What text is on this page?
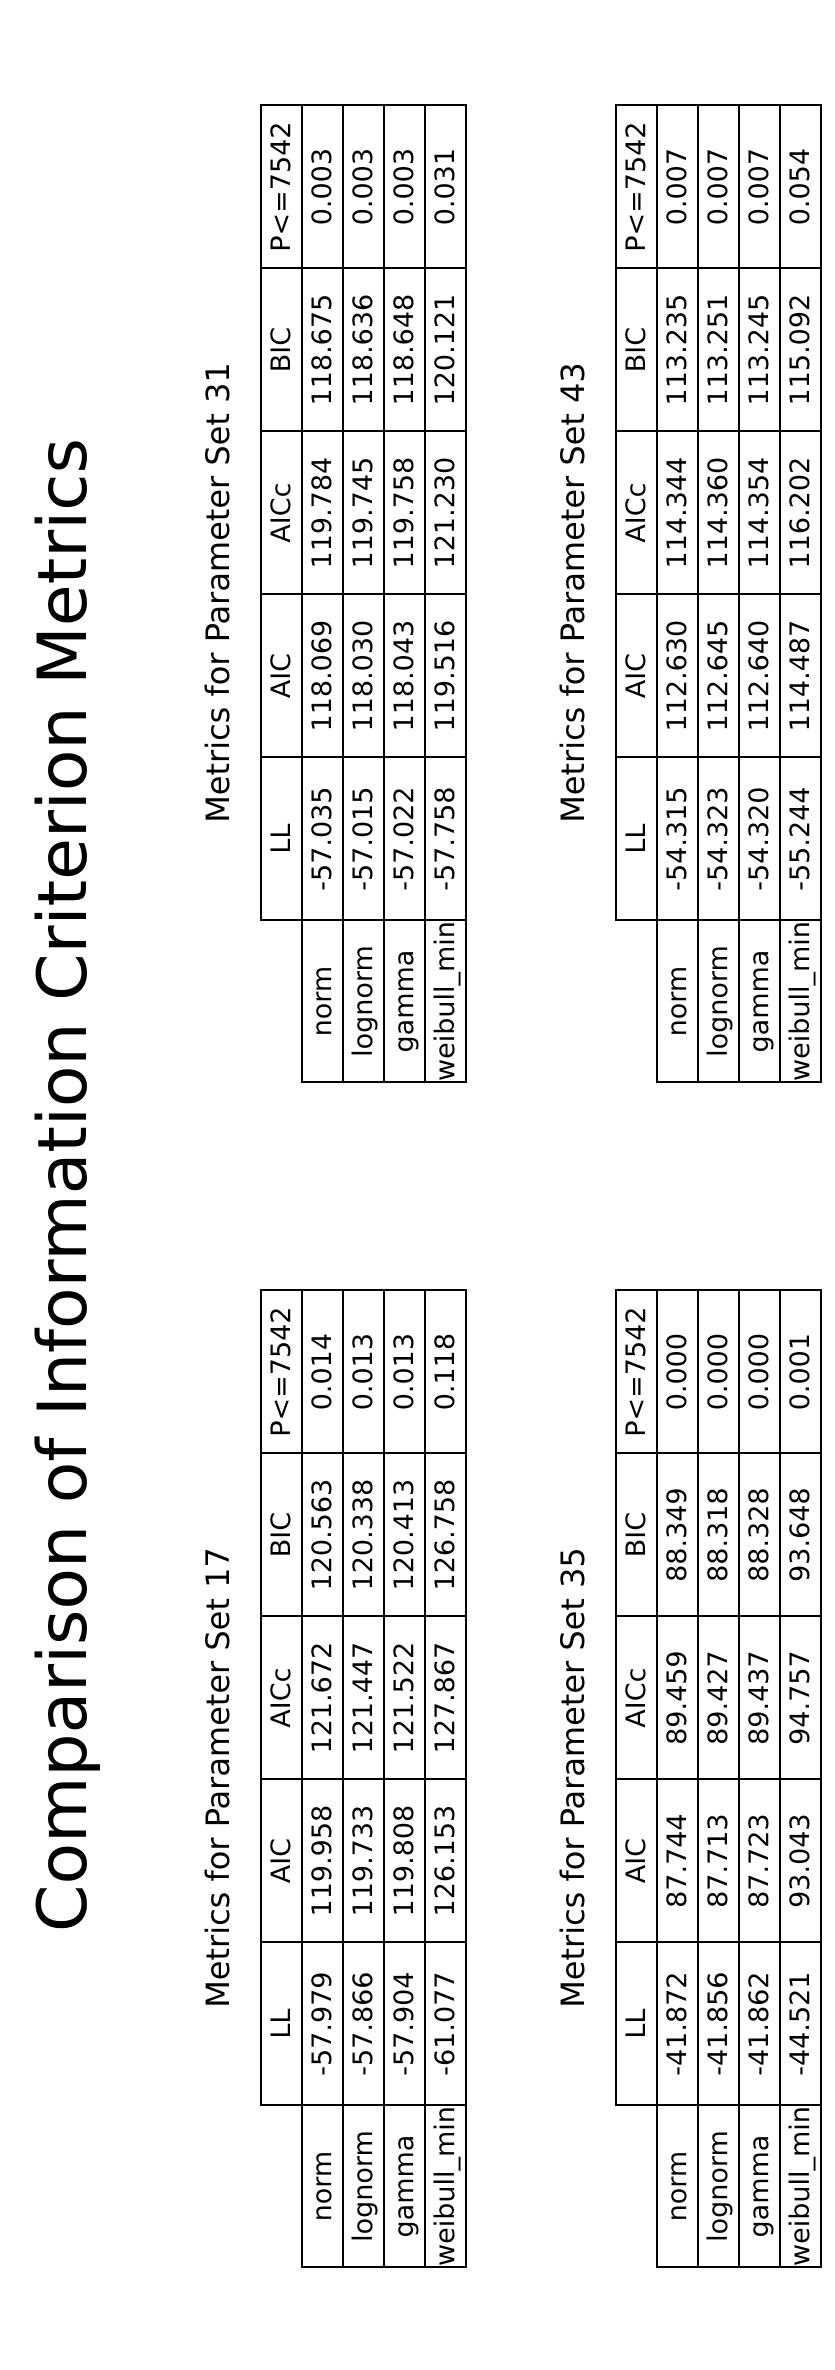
Comparison of Information Criterion Metrics	Metrics for Parameter Set 17
	LL	AIC	AICc	BIC	P<=7542
norm	-57.979	119.958	121.672	120.563	0.014
lognorm	-57.866	119.733	121.447	120.338	0.013
gamma	-57.904	119.808	121.522	120.413	0.013
weibull_min	-61.077	126.153	127.867	126.758	0.118
Metrics for Parameter Set 31
	LL	AIC	AICc	BIC	P<=7542
norm	-57.035	118.069	119.784	118.675	0.003
lognorm	-57.015	118.030	119.745	118.636	0.003
gamma	-57.022	118.043	119.758	118.648	0.003
weibull_min	-57.758	119.516	121.230	120.121	0.031
Metrics for Parameter Set 35
	LL	AIC	AICc	BIC	P<=7542
norm	-41.872	87.744	89.459	88.349	0.000
lognorm	-41.856	87.713	89.427	88.318	0.000
gamma	-41.862	87.723	89.437	88.328	0.000
weibull_min	-44.521	93.043	94.757	93.648	0.001
Metrics for Parameter Set 43
	LL	AIC	AICc	BIC	P<=7542
norm	-54.315	112.630	114.344	113.235	0.007
lognorm	-54.323	112.645	114.360	113.251	0.007
gamma	-54.320	112.640	114.354	113.245	0.007
weibull_min	-55.244	114.487	116.202	115.092	0.054
